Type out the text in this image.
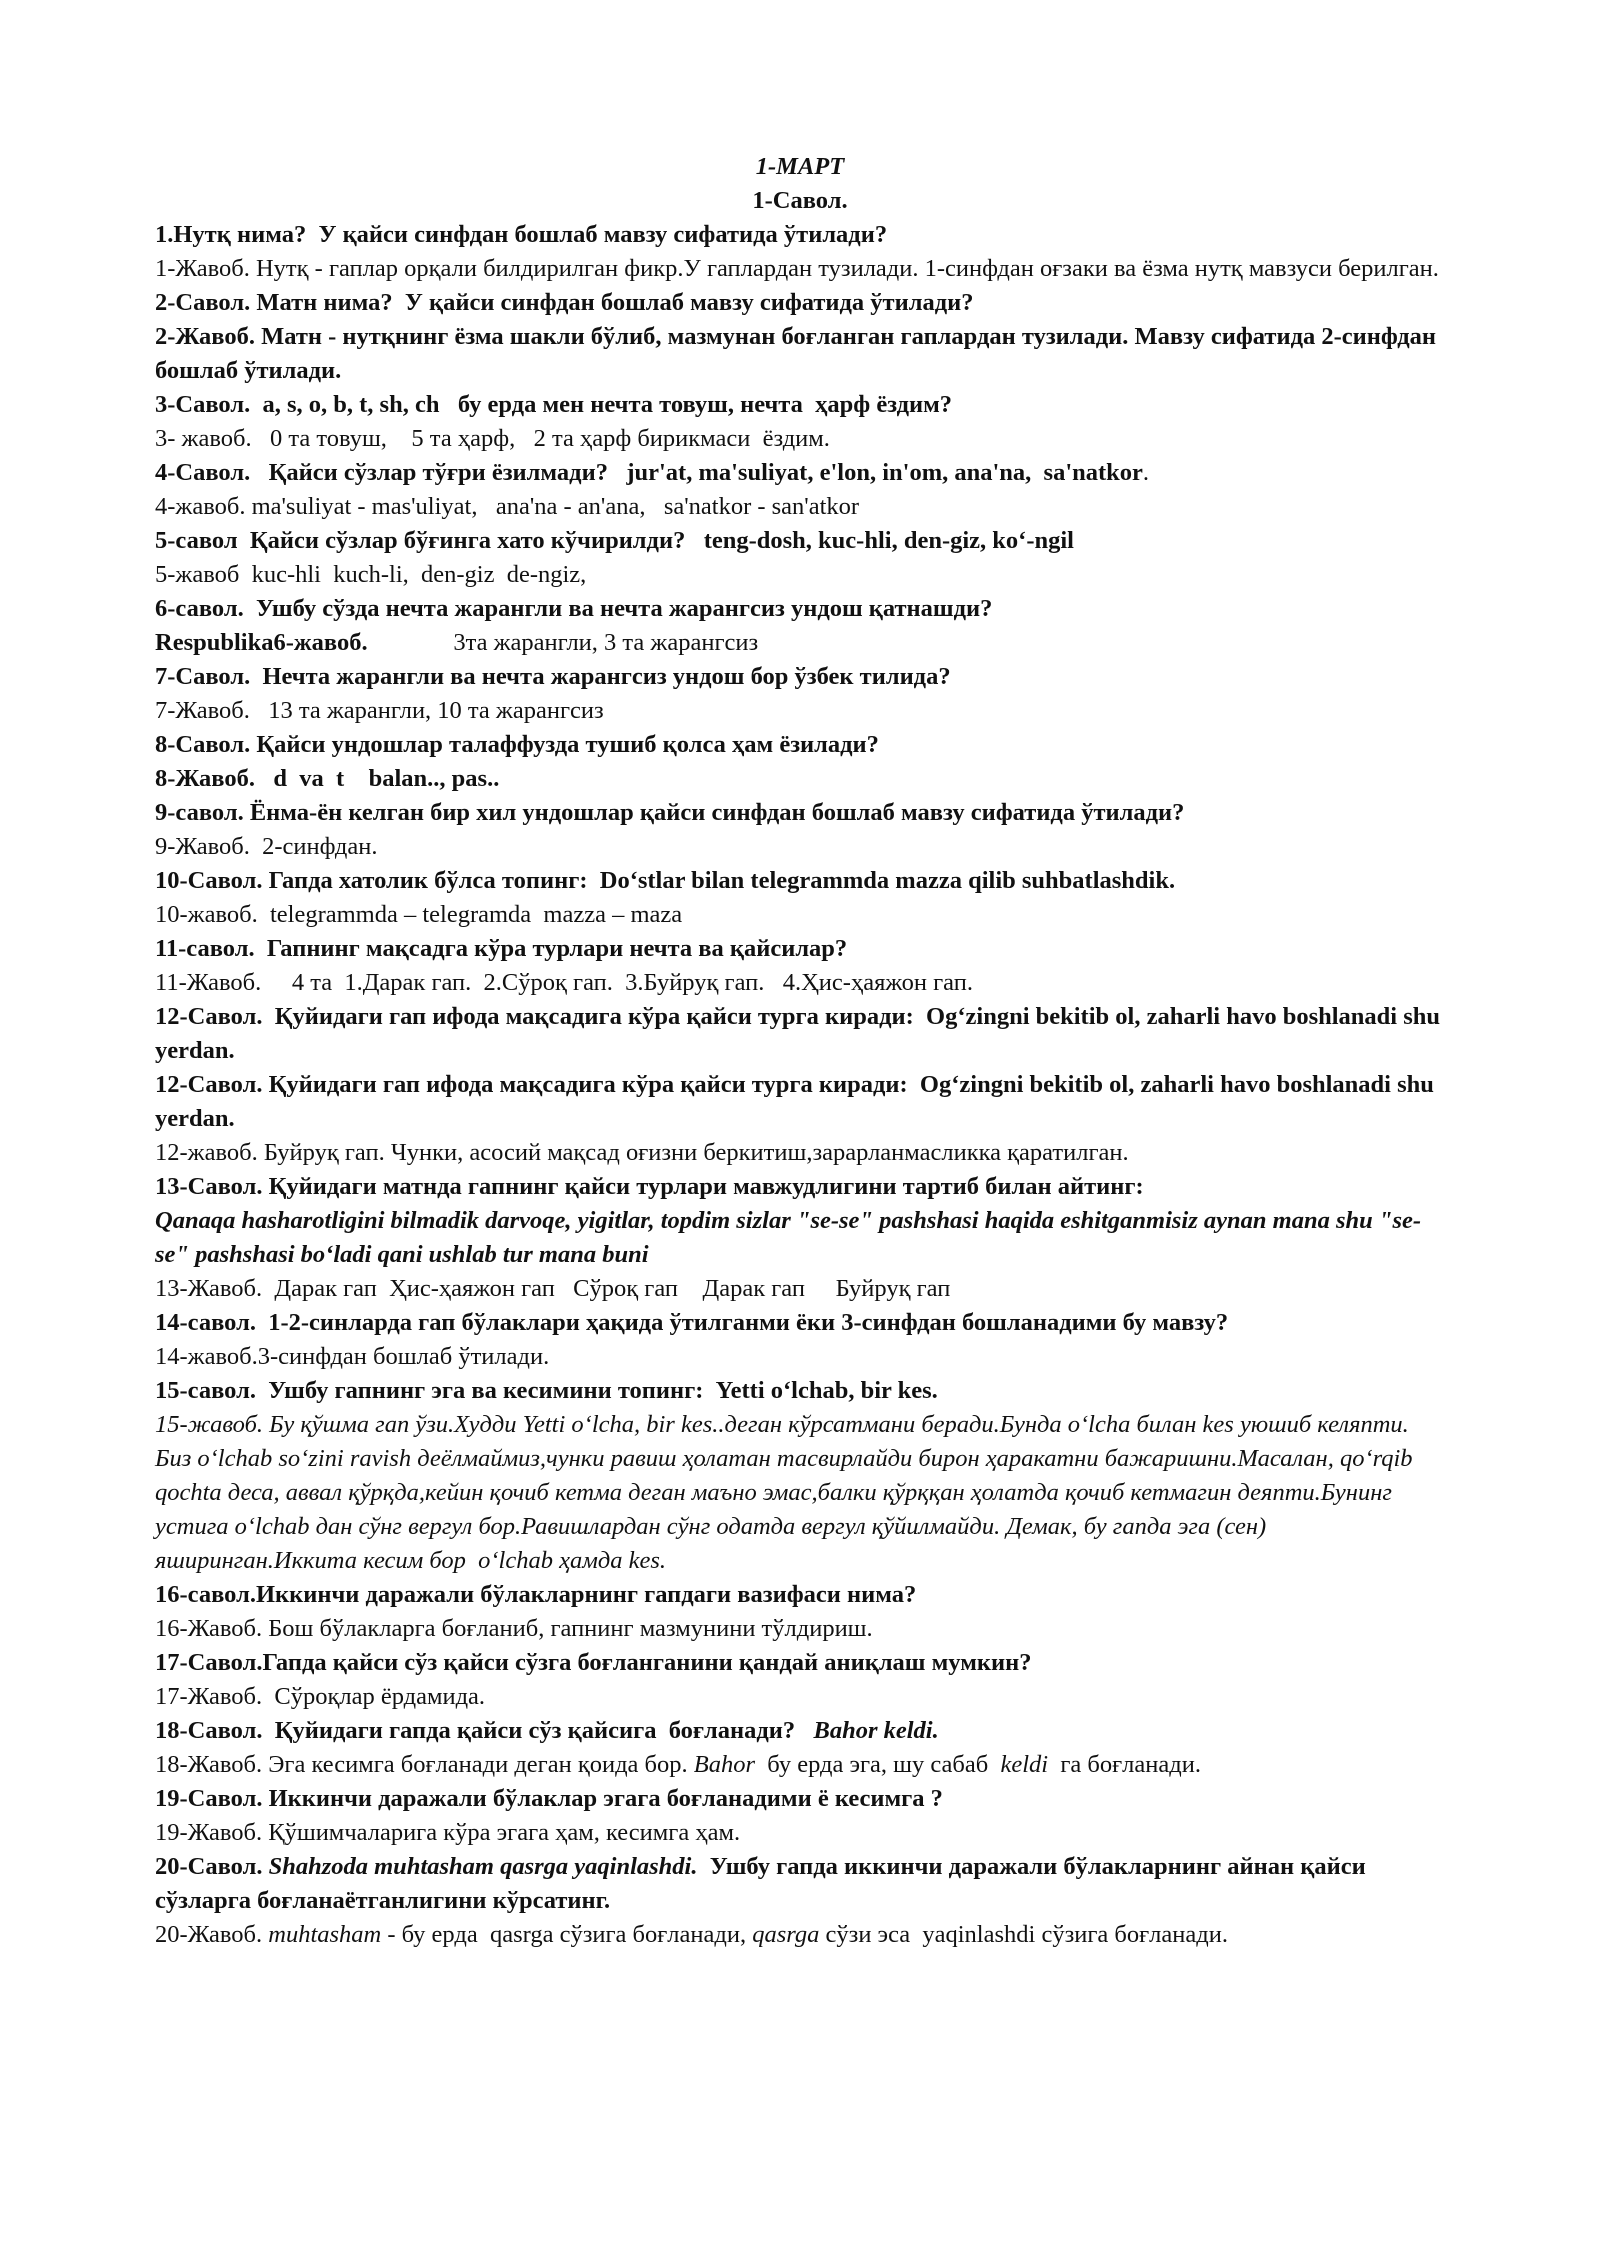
1-МАРТ

1-Савол.

1.Нутқ нима?  У қайси синфдан бошлаб мавзу сифатида ўтилади?

1-Жавоб. Нутқ - гаплар орқали билдирилган фикр.У гаплардан тузилади. 1-синфдан оғзаки ва ёзма нутқ мавзуси берилган.

2-Савол. Матн нима?  У қайси синфдан бошлаб мавзу сифатида ўтилади?

2-Жавоб. Матн - нутқнинг ёзма шакли бўлиб, мазмунан боғланган гаплардан тузилади. Мавзу сифатида 2-синфдан бошлаб ўтилади.

3-Савол.  a, s, o, b, t, sh, ch   бу ерда мен нечта товуш, нечта  ҳарф ёздим?

3- жавоб.   0 та товуш,    5 та ҳарф,   2 та ҳарф бирикмаси  ёздим.

4-Савол.   Қайси сўзлар тўғри ёзилмади?   jur'at, ma'suliyat, e'lon, in'om, ana'na,  sa'natkor.

4-жавоб. ma'suliyat - mas'uliyat,   ana'na - an'ana,   sa'natkor - san'atkor

5-савол  Қайси сўзлар бўғинга хато кўчирилди?   teng-dosh, kuc-hli, den-giz, ko‘-ngil

5-жавоб  kuc-hli  kuch-li,  den-giz  de-ngiz,

6-савол.  Ушбу сўзда нечта жарангли ва нечта жарангсиз ундош қатнашди?

Respublika6-жавоб.              3та жарангли, 3 та жарангсиз

7-Савол.  Нечта жарангли ва нечта жарангсиз ундош бор ўзбек тилида?

7-Жавоб.   13 та жарангли, 10 та жарангсиз

8-Савол. Қайси ундошлар талаффузда тушиб қолса ҳам ёзилади?

8-Жавоб.   d  va  t    balan.., pas..

9-савол. Ёнма-ён келган бир хил ундошлар қайси синфдан бошлаб мавзу сифатида ўтилади?

9-Жавоб.  2-синфдан.

10-Савол. Гапда хатолик бўлса топинг:  Do‘stlar bilan telegrammda mazza qilib suhbatlashdik.

10-жавоб.  telegrammda – telegramda  mazza – maza

11-савол.  Гапнинг мақсадга кўра турлари нечта ва қайсилар?

11-Жавоб.     4 та  1.Дарак гап.  2.Сўроқ гап.  3.Буйруқ гап.   4.Ҳис-ҳаяжон гап.

12-Савол.  Қуйидаги гап ифода мақсадига кўра қайси турга киради:  Og‘zingni bekitib ol, zaharli havo boshlanadi shu yerdan.

12-Савол. Қуйидаги гап ифода мақсадига кўра қайси турга киради:  Og‘zingni bekitib ol, zaharli havo boshlanadi shu yerdan.

12-жавоб. Буйруқ гап. Чунки, асосий мақсад оғизни беркитиш,зарарланмасликка қаратилган.

13-Савол. Қуйидаги матнда гапнинг қайси турлари мавжудлигини тартиб билан айтинг:

Qanaqa hasharotligini bilmadik darvoqe, yigitlar, topdim sizlar "se-se" pashshasi haqida eshitganmisiz aynan mana shu "se-se" pashshasi bo‘ladi qani ushlab tur mana buni

13-Жавоб.  Дарак гап  Ҳис-ҳаяжон гап   Сўроқ гап    Дарак гап     Буйруқ гап

14-савол.  1-2-синларда гап бўлаклари ҳақида ўтилганми ёки 3-синфдан бошланадими бу мавзу?

14-жавоб.3-синфдан бошлаб ўтилади.

15-савол.  Ушбу гапнинг эга ва кесимини топинг:  Yetti o‘lchab, bir kes.

15-жавоб. Бу қўшма гап ўзи.Худди Yetti o‘lcha, bir kes..деган кўрсатмани беради.Бунда o‘lcha билан kes уюшиб келяпти. Биз o‘lchab so‘zini ravish деёлмаймиз,чунки равиш ҳолатан тасвирлайди бирон ҳаракатни бажаришни.Масалан, qo‘rqib qochta деса, аввал қўрқда,кейин қочиб кетма деган маъно эмас,балки қўрққан ҳолатда қочиб кетмагин деяпти.Бунинг устига o‘lchab дан сўнг вергул бор.Равишлардан сўнг одатда вергул қўйилмайди. Демак, бу гапда эга (сен) яширинган.Иккита кесим бор  o‘lchab ҳамда kes.

16-савол.Иккинчи даражали бўлакларнинг гапдаги вазифаси нима?

16-Жавоб. Бош бўлакларга боғланиб, гапнинг мазмунини тўлдириш.

17-Савол.Гапда қайси сўз қайси сўзга боғланганини қандай аниқлаш мумкин?

17-Жавоб.  Сўроқлар ёрдамида.

18-Савол.  Қуйидаги гапда қайси сўз қайсига  боғланади?   Bahor keldi.

18-Жавоб. Эга кесимга боғланади деган қоида бор. Bahor  бу ерда эга, шу сабаб  keldi  га боғланади.

19-Савол. Иккинчи даражали бўлаклар эгага боғланадими ё кесимга ?

19-Жавоб. Қўшимчаларига кўра эгага ҳам, кесимга ҳам.

20-Савол. Shahzoda muhtasham qasrga yaqinlashdi.  Ушбу гапда иккинчи даражали бўлакларнинг айнан қайси сўзларга боғланаётганлигини кўрсатинг.

20-Жавоб. muhtasham - бу ерда  qasrga сўзига боғланади, qasrga сўзи эса  yaqinlashdi сўзига боғланади.
